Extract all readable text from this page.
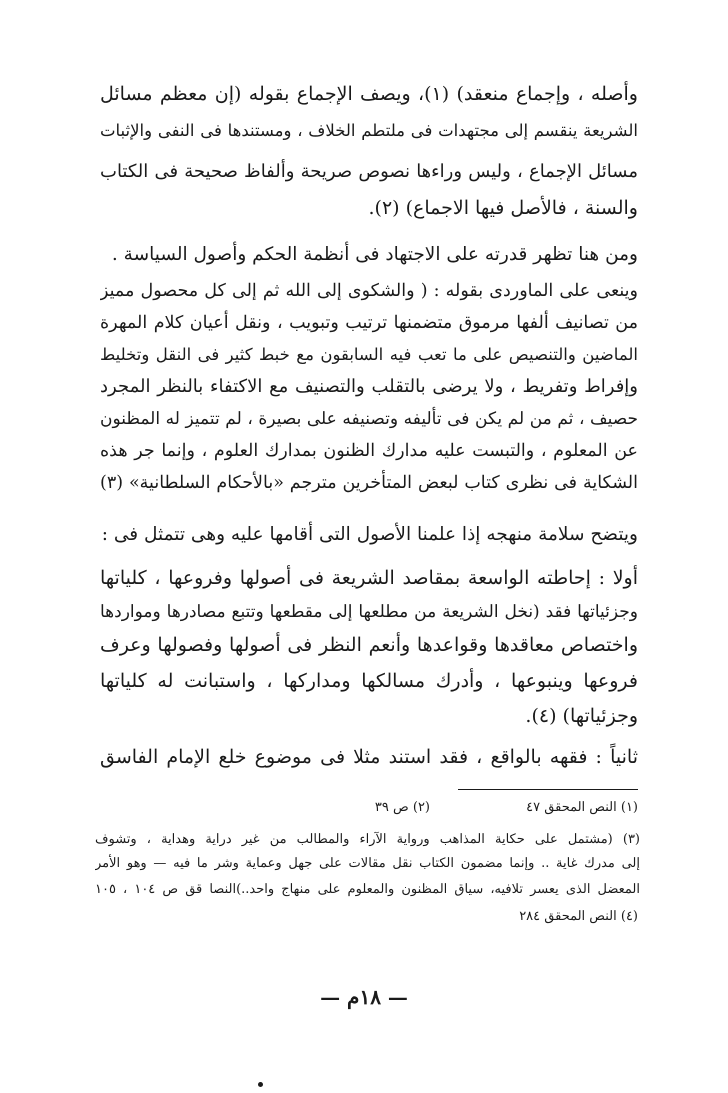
وأصله ، وإجماع منعقد) (١)، ويصف الإجماع بقوله (إن معظم مسائل
الشريعة ينقسم إلى مجتهدات فى ملتطم الخلاف ، ومستندها فى النفى والإثبات
مسائل الإجماع ، وليس وراءها نصوص صريحة وألفاظ صحيحة فى الكتاب
والسنة ، فالأصل فيها الاجماع) (٢).
ومن هنا تظهر قدرته على الاجتهاد فى أنظمة الحكم وأصول السياسة .
وينعى على الماوردى بقوله : ( والشكوى إلى الله ثم إلى كل محصول مميز
من تصانيف ألفها مرموق متضمنها ترتيب وتبويب ، ونقل أعيان كلام المهرة
الماضين والتنصيص على ما تعب فيه السابقون مع خبط كثير فى النقل وتخليط
وإفراط وتفريط ، ولا يرضى بالتقلب والتصنيف مع الاكتفاء بالنظر المجرد
حصيف ، ثم من لم يكن فى تأليفه وتصنيفه على بصيرة ، لم تتميز له المظنون
عن المعلوم ، والتبست عليه مدارك الظنون بمدارك العلوم ، وإنما جر هذه
الشكاية فى نظرى كتاب لبعض المتأخرين مترجم «بالأحكام السلطانية» (٣)
ويتضح سلامة منهجه إذا علمنا الأصول التى أقامها عليه وهى تتمثل فى :
أولا : إحاطته الواسعة بمقاصد الشريعة فى أصولها وفروعها ، كلياتها
وجزئياتها فقد (نخل الشريعة من مطلعها إلى مقطعها وتتبع مصادرها ومواردها
واختصاص معاقدها وقواعدها وأنعم النظر فى أصولها وفصولها وعرف
فروعها وينبوعها ، وأدرك مسالكها ومداركها ، واستبانت له كلياتها
وجزئياتها) (٤).
ثانياً : فقهه بالواقع ، فقد استند مثلا فى موضوع خلع الإمام الفاسق
(١) النص المحقق ٤٧
(٢) ص ٣٩
(٣) (مشتمل على حكاية المذاهب ورواية الآراء والمطالب من غير دراية وهداية ، وتشوف
إلى مدرك غاية .. وإنما مضمون الكتاب نقل مقالات على جهل وعماية وشر ما فيه — وهو الأمر
المعضل الذى يعسر تلافيه، سياق المظنون والمعلوم على منهاج واحد..)النصا قق ص ١٠٤ ، ١٠٥
(٤) النص المحقق ٢٨٤
— ١٨م —
